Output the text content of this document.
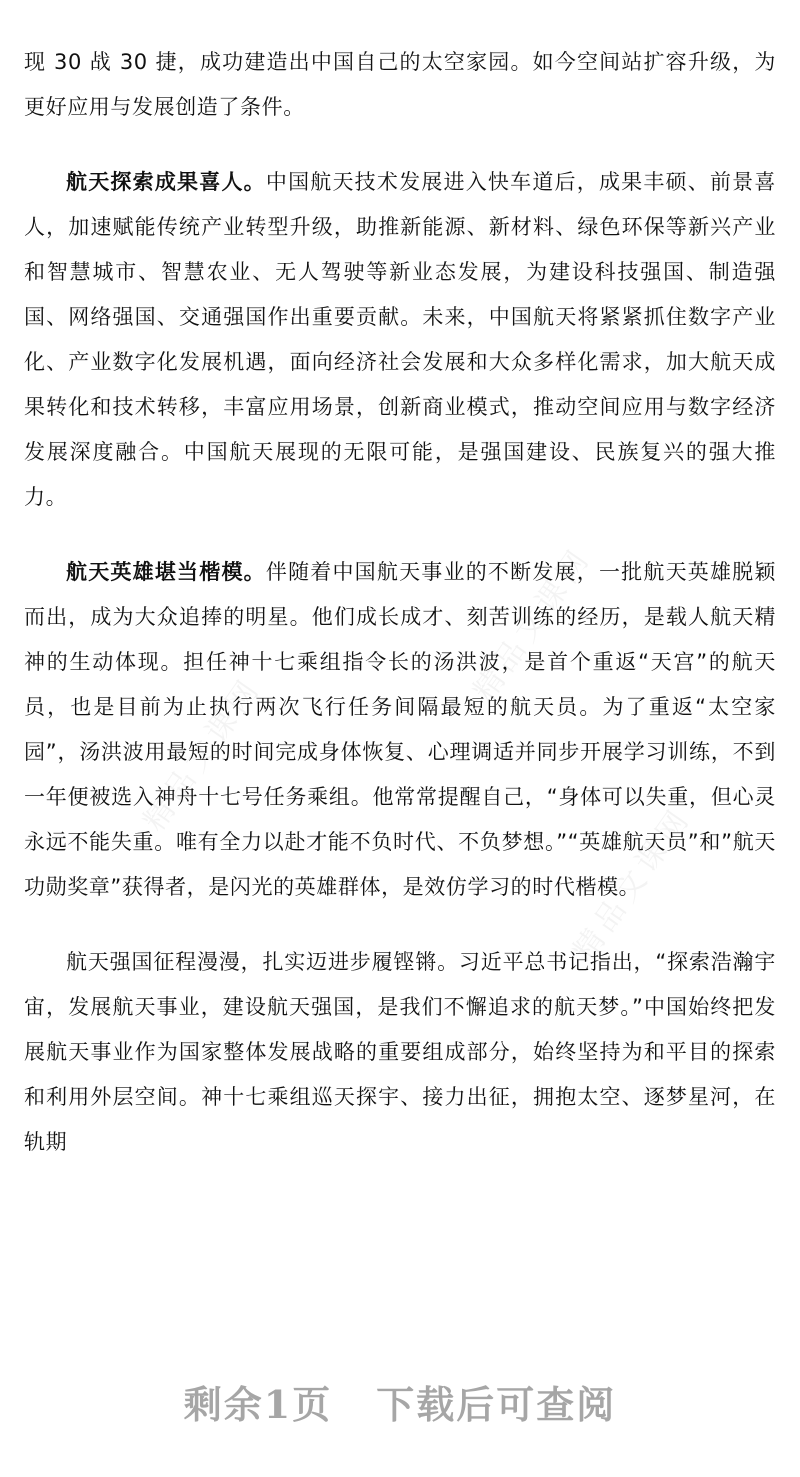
精品文课网
精品文课网
精品文课网

现 30 战 30 捷，成功建造出中国自己的太空家园。如今空间站扩容升级，为更好应用与发展创造了条件。

航天探索成果喜人。中国航天技术发展进入快车道后，成果丰硕、前景喜人，加速赋能传统产业转型升级，助推新能源、新材料、绿色环保等新兴产业和智慧城市、智慧农业、无人驾驶等新业态发展，为建设科技强国、制造强国、网络强国、交通强国作出重要贡献。未来，中国航天将紧紧抓住数字产业化、产业数字化发展机遇，面向经济社会发展和大众多样化需求，加大航天成果转化和技术转移，丰富应用场景，创新商业模式，推动空间应用与数字经济发展深度融合。中国航天展现的无限可能，是强国建设、民族复兴的强大推力。

航天英雄堪当楷模。伴随着中国航天事业的不断发展，一批航天英雄脱颖而出，成为大众追捧的明星。他们成长成才、刻苦训练的经历，是载人航天精神的生动体现。担任神十七乘组指令长的汤洪波，是首个重返“天宫”的航天员，也是目前为止执行两次飞行任务间隔最短的航天员。为了重返“太空家园”，汤洪波用最短的时间完成身体恢复、心理调适并同步开展学习训练，不到一年便被选入神舟十七号任务乘组。他常常提醒自己，“身体可以失重，但心灵永远不能失重。唯有全力以赴才能不负时代、不负梦想。”“英雄航天员”和”航天功勋奖章”获得者，是闪光的英雄群体，是效仿学习的时代楷模。

航天强国征程漫漫，扎实迈进步履铿锵。习近平总书记指出，“探索浩瀚宇宙，发展航天事业，建设航天强国，是我们不懈追求的航天梦。”中国始终把发展航天事业作为国家整体发展战略的重要组成部分，始终坚持为和平目的探索和利用外层空间。神十七乘组巡天探宇、接力出征，拥抱太空、逐梦星河，在轨期

剩余1页 下载后可查阅
